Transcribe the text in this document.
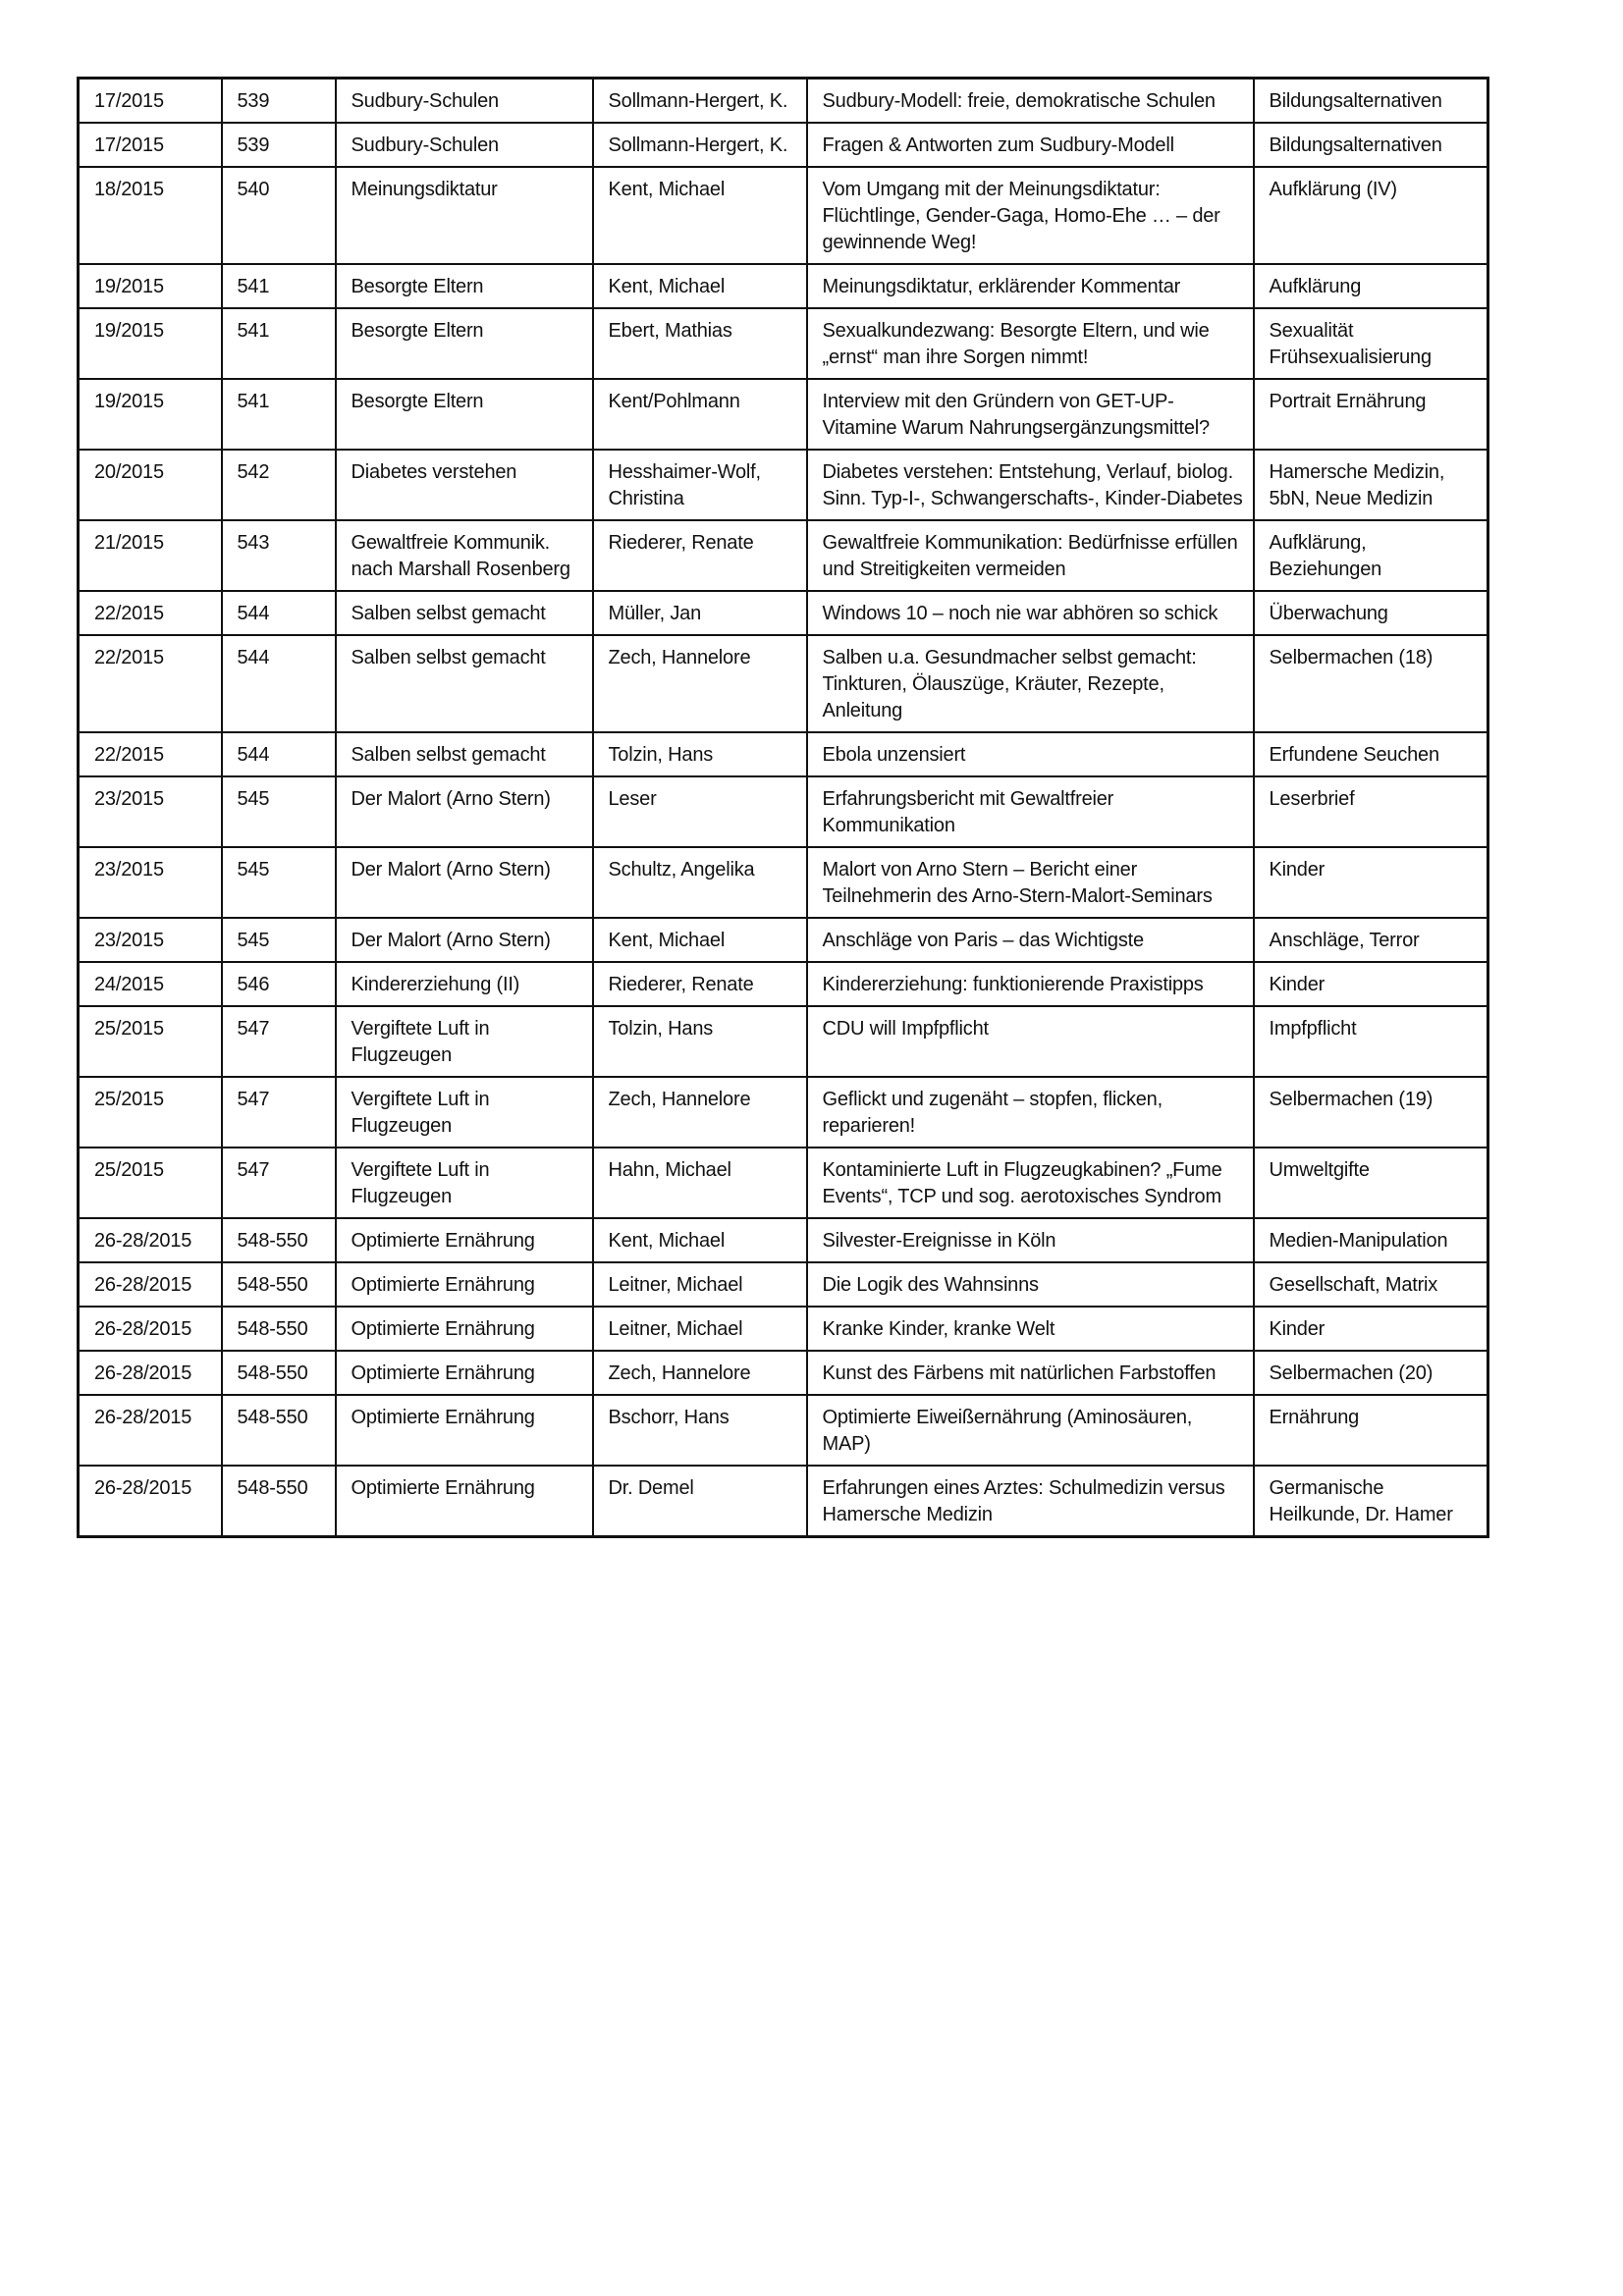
17/2015	539	Sudbury-Schulen	Sollmann-Hergert, K.	Sudbury-Modell: freie, demokratische Schulen	Bildungsalternativen
17/2015	539	Sudbury-Schulen	Sollmann-Hergert, K.	Fragen & Antworten zum Sudbury-Modell	Bildungsalternativen
18/2015	540	Meinungsdiktatur	Kent, Michael	Vom Umgang mit der Meinungsdiktatur: Flüchtlinge, Gender-Gaga, Homo-Ehe … – der gewinnende Weg!	Aufklärung (IV)
19/2015	541	Besorgte Eltern	Kent, Michael	Meinungsdiktatur, erklärender Kommentar	Aufklärung
19/2015	541	Besorgte Eltern	Ebert, Mathias	Sexualkundezwang: Besorgte Eltern, und wie „ernst“ man ihre Sorgen nimmt!	Sexualität Frühsexualisierung
19/2015	541	Besorgte Eltern	Kent/Pohlmann	Interview mit den Gründern von GET-UP-Vitamine Warum Nahrungsergänzungsmittel?	Portrait Ernährung
20/2015	542	Diabetes verstehen	Hesshaimer-Wolf, Christina	Diabetes verstehen: Entstehung, Verlauf, biolog. Sinn. Typ-I-, Schwangerschafts-, Kinder-Diabetes	Hamersche Medizin, 5bN, Neue Medizin
21/2015	543	Gewaltfreie Kommunik. nach Marshall Rosenberg	Riederer, Renate	Gewaltfreie Kommunikation: Bedürfnisse erfüllen und Streitigkeiten vermeiden	Aufklärung, Beziehungen
22/2015	544	Salben selbst gemacht	Müller, Jan	Windows 10 – noch nie war abhören so schick	Überwachung
22/2015	544	Salben selbst gemacht	Zech, Hannelore	Salben u.a. Gesundmacher selbst gemacht: Tinkturen, Ölauszüge, Kräuter, Rezepte, Anleitung	Selbermachen (18)
22/2015	544	Salben selbst gemacht	Tolzin, Hans	Ebola unzensiert	Erfundene Seuchen
23/2015	545	Der Malort (Arno Stern)	Leser	Erfahrungsbericht mit Gewaltfreier Kommunikation	Leserbrief
23/2015	545	Der Malort (Arno Stern)	Schultz, Angelika	Malort von Arno Stern – Bericht einer Teilnehmerin des Arno-Stern-Malort-Seminars	Kinder
23/2015	545	Der Malort (Arno Stern)	Kent, Michael	Anschläge von Paris – das Wichtigste	Anschläge, Terror
24/2015	546	Kindererziehung (II)	Riederer, Renate	Kindererziehung: funktionierende Praxistipps	Kinder
25/2015	547	Vergiftete Luft in Flugzeugen	Tolzin, Hans	CDU will Impfpflicht	Impfpflicht
25/2015	547	Vergiftete Luft in Flugzeugen	Zech, Hannelore	Geflickt und zugenäht – stopfen, flicken, reparieren!	Selbermachen (19)
25/2015	547	Vergiftete Luft in Flugzeugen	Hahn, Michael	Kontaminierte Luft in Flugzeugkabinen? „Fume Events“, TCP und sog. aerotoxisches Syndrom	Umweltgifte
26-28/2015	548-550	Optimierte Ernährung	Kent, Michael	Silvester-Ereignisse in Köln	Medien-Manipulation
26-28/2015	548-550	Optimierte Ernährung	Leitner, Michael	Die Logik des Wahnsinns	Gesellschaft, Matrix
26-28/2015	548-550	Optimierte Ernährung	Leitner, Michael	Kranke Kinder, kranke Welt	Kinder
26-28/2015	548-550	Optimierte Ernährung	Zech, Hannelore	Kunst des Färbens mit natürlichen Farbstoffen	Selbermachen (20)
26-28/2015	548-550	Optimierte Ernährung	Bschorr, Hans	Optimierte Eiweißernährung (Aminosäuren, MAP)	Ernährung
26-28/2015	548-550	Optimierte Ernährung	Dr. Demel	Erfahrungen eines Arztes: Schulmedizin versus Hamersche Medizin	Germanische Heilkunde, Dr. Hamer
